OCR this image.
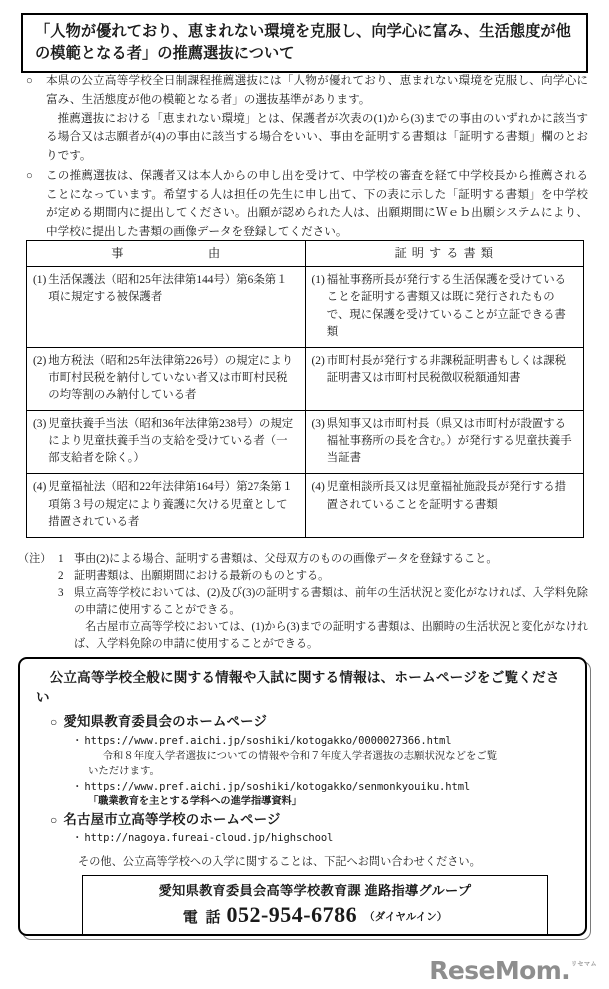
「人物が優れており、恵まれない環境を克服し、向学心に富み、生活態度が他の模範となる者」の推薦選抜について
○	本県の公立高等学校全日制課程推薦選抜には「人物が優れており、恵まれない環境を克服し、向学心に富み、生活態度が他の模範となる者」の選抜基準があります。

推薦選抜における「恵まれない環境」とは、保護者が次表の(1)から(3)までの事由のいずれかに該当する場合又は志願者が(4)の事由に該当する場合をいい、事由を証明する書類は「証明する書類」欄のとおりです。

○	この推薦選抜は、保護者又は本人からの申し出を受けて、中学校の審査を経て中学校長から推薦されることになっています。希望する人は担任の先生に申し出て、下の表に示した「証明する書類」を中学校が定める期間内に提出してください。出願が認められた人は、出願期間にＷｅｂ出願システムにより、中学校に提出した書類の画像データを登録してください。

事　　　由	証 明 す る 書 類

(1) 生活保護法（昭和25年法律第144号）第6条第１項に規定する被保護者	(1) 福祉事務所長が発行する生活保護を受けていることを証明する書類又は既に発行されたもので、現に保護を受けていることが立証できる書類

(2) 地方税法（昭和25年法律第226号）の規定により市町村民税を納付していない者又は市町村民税の均等割のみ納付している者	(2) 市町村長が発行する非課税証明書もしくは課税証明書又は市町村民税徴収税額通知書

(3) 児童扶養手当法（昭和36年法律第238号）の規定により児童扶養手当の支給を受けている者（一部支給者を除く。）	(3) 県知事又は市町村長（県又は市町村が設置する福祉事務所の長を含む。）が発行する児童扶養手当証書

(4) 児童福祉法（昭和22年法律第164号）第27条第１項第３号の規定により養護に欠ける児童として措置されている者	(4) 児童相談所長又は児童福祉施設長が発行する措置されていることを証明する書類
（注） 1 事由(2)による場合、証明する書類は、父母双方のものの画像データを登録すること。

2 証明書類は、出願期間における最新のものとする。

3 県立高等学校においては、(2)及び(3)の証明する書類は、前年の生活状況と変化がなければ、入学料免除の申請に使用することができる。

名古屋市立高等学校においては、(1)から(3)までの証明する書類は、出願時の生活状況と変化がなければ、入学料免除の申請に使用することができる。

公立高等学校全般に関する情報や入試に関する情報は、ホームページをご覧ください
○ 愛知県教育委員会のホームページ
・ https://www.pref.aichi.jp/soshiki/kotogakko/0000027366.html
令和８年度入学者選抜についての情報や令和７年度入学者選抜の志願状況などをご覧
いただけます。
・ https://www.pref.aichi.jp/soshiki/kotogakko/senmonkyouiku.html
「職業教育を主とする学科への進学指導資料」
○ 名古屋市立高等学校のホームページ
・ http://nagoya.fureai-cloud.jp/highschool
その他、公立高等学校への入学に関することは、下記へお問い合わせください。
愛知県教育委員会高等学校教育課 進路指導グループ
電 話 052-954-6786 （ダイヤルイン）
ReseMom.$^{リセマム}$
